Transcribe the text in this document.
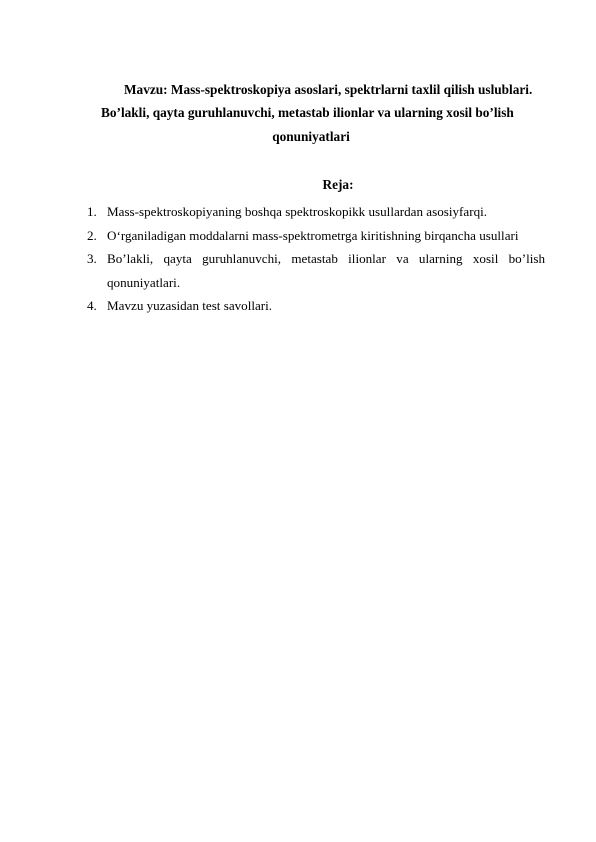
Mavzu: Mass-spektroskopiya asoslari, spektrlarni taxlil qilish uslublari.
Bo’lakli, qayta guruhlanuvchi, metastab ilionlar va ularning xosil bo’lish
qonuniyatlari
Reja:
1. Mass-spektroskopiyaning boshqa spektroskopikk usullardan asosiyfarqi.
2. O‘rganiladigan moddalarni mass-spektrometrga kiritishning birqancha usullari
3. Bo’lakli, qayta guruhlanuvchi, metastab ilionlar va ularning xosil bo’lish
qonuniyatlari.
4. Mavzu yuzasidan test savollari.
